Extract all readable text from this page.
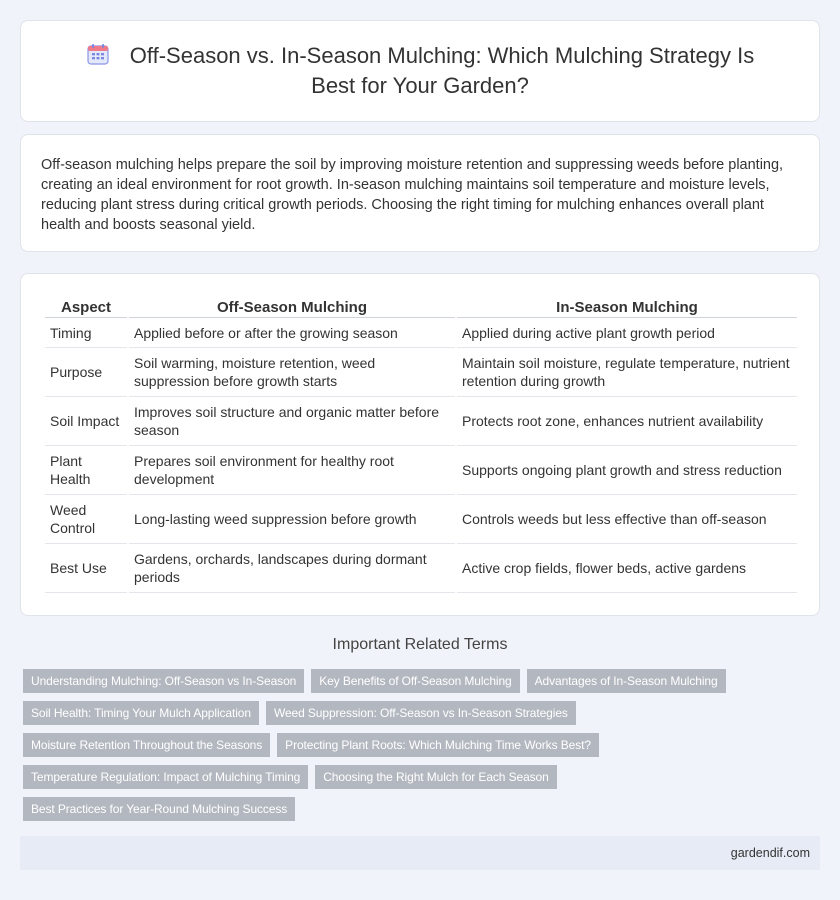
Off-Season vs. In-Season Mulching: Which Mulching Strategy Is Best for Your Garden?

Off-season mulching helps prepare the soil by improving moisture retention and suppressing weeds before planting, creating an ideal environment for root growth. In-season mulching maintains soil temperature and moisture levels, reducing plant stress during critical growth periods. Choosing the right timing for mulching enhances overall plant health and boosts seasonal yield.

Aspect	Off-Season Mulching	In-Season Mulching
Timing	Applied before or after the growing season	Applied during active plant growth period
Purpose	Soil warming, moisture retention, weed suppression before growth starts	Maintain soil moisture, regulate temperature, nutrient retention during growth
Soil Impact	Improves soil structure and organic matter before season	Protects root zone, enhances nutrient availability
Plant Health	Prepares soil environment for healthy root development	Supports ongoing plant growth and stress reduction
Weed Control	Long-lasting weed suppression before growth	Controls weeds but less effective than off-season
Best Use	Gardens, orchards, landscapes during dormant periods	Active crop fields, flower beds, active gardens
Important Related Terms
Understanding Mulching: Off-Season vs In-Season	Key Benefits of Off-Season Mulching	Advantages of In-Season Mulching
Soil Health: Timing Your Mulch Application	Weed Suppression: Off-Season vs In-Season Strategies
Moisture Retention Throughout the Seasons	Protecting Plant Roots: Which Mulching Time Works Best?
Temperature Regulation: Impact of Mulching Timing	Choosing the Right Mulch for Each Season
Best Practices for Year-Round Mulching Success
gardendif.com
